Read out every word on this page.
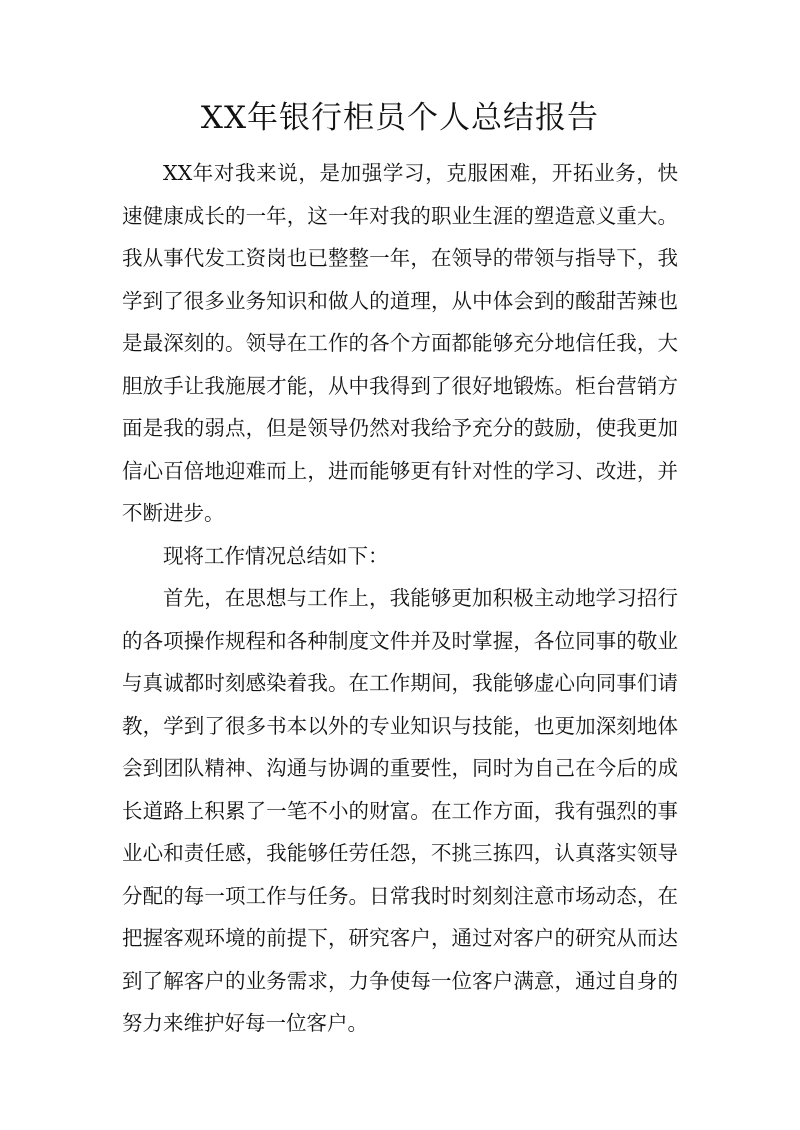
XX年银行柜员个人总结报告

XX年对我来说，是加强学习，克服困难，开拓业务，快速健康成长的一年，这一年对我的职业生涯的塑造意义重大。我从事代发工资岗也已整整一年，在领导的带领与指导下，我学到了很多业务知识和做人的道理，从中体会到的酸甜苦辣也是最深刻的。领导在工作的各个方面都能够充分地信任我，大胆放手让我施展才能，从中我得到了很好地锻炼。柜台营销方面是我的弱点，但是领导仍然对我给予充分的鼓励，使我更加信心百倍地迎难而上，进而能够更有针对性的学习、改进，并不断进步。

现将工作情况总结如下：

首先，在思想与工作上，我能够更加积极主动地学习招行的各项操作规程和各种制度文件并及时掌握，各位同事的敬业与真诚都时刻感染着我。在工作期间，我能够虚心向同事们请教，学到了很多书本以外的专业知识与技能，也更加深刻地体会到团队精神、沟通与协调的重要性，同时为自己在今后的成长道路上积累了一笔不小的财富。在工作方面，我有强烈的事业心和责任感，我能够任劳任怨，不挑三拣四，认真落实领导分配的每一项工作与任务。日常我时时刻刻注意市场动态，在把握客观环境的前提下，研究客户，通过对客户的研究从而达到了解客户的业务需求，力争使每一位客户满意，通过自身的努力来维护好每一位客户。
